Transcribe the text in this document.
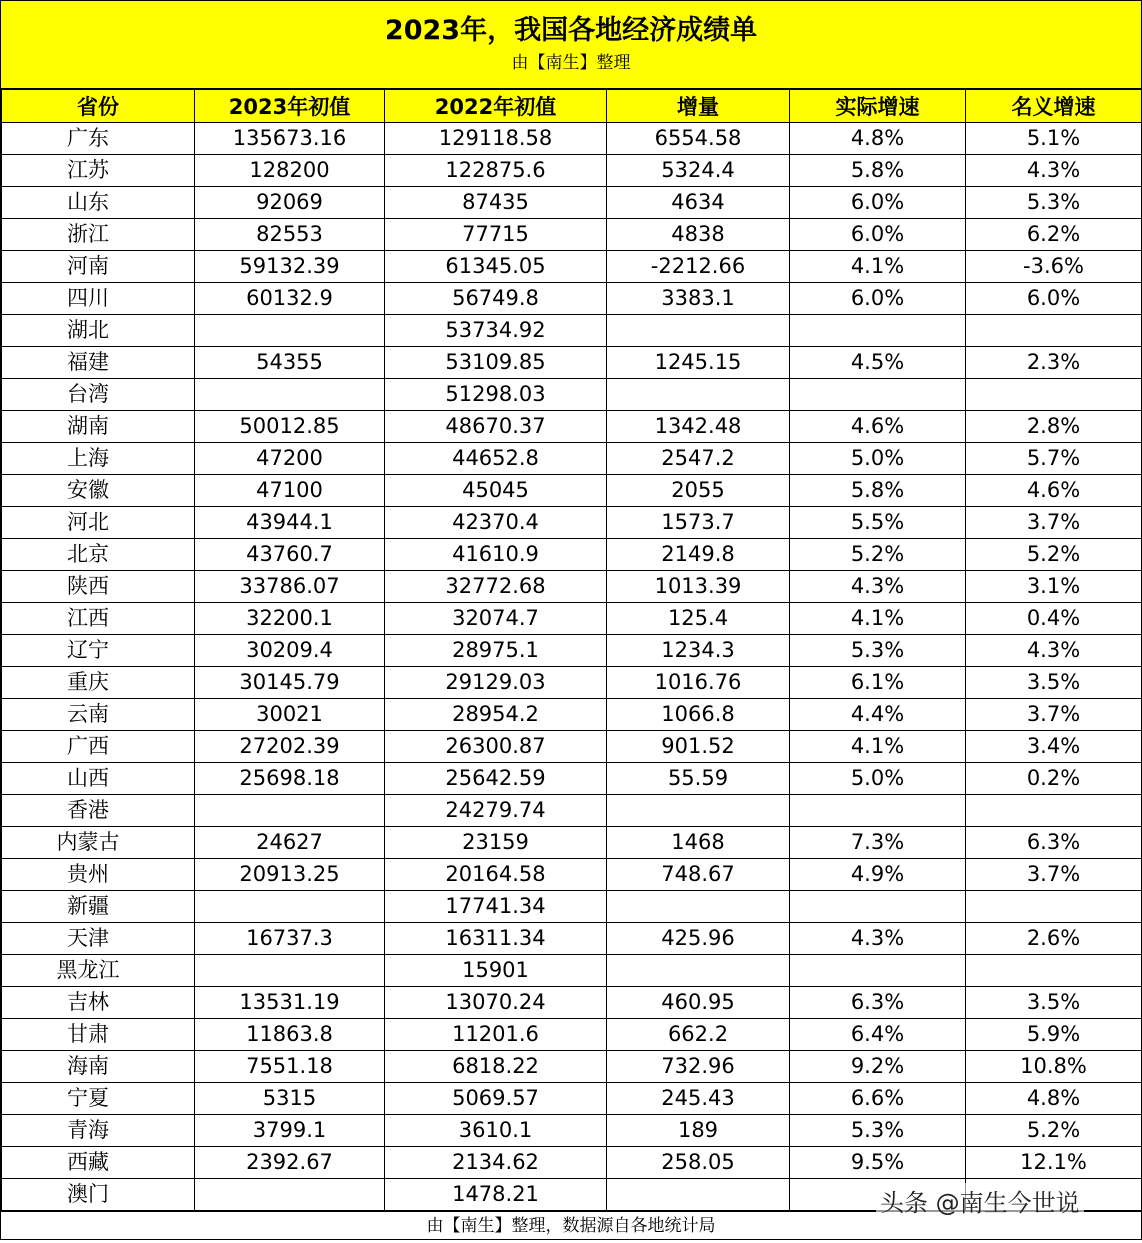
2023年，我国各地经济成绩单
由【南生】整理
省份	2023年初值	2022年初值	增量	实际增速	名义增速
广东	135673.16	129118.58	6554.58	4.8%	5.1%
江苏	128200	122875.6	5324.4	5.8%	4.3%
山东	92069	87435	4634	6.0%	5.3%
浙江	82553	77715	4838	6.0%	6.2%
河南	59132.39	61345.05	-2212.66	4.1%	-3.6%
四川	60132.9	56749.8	3383.1	6.0%	6.0%
湖北		53734.92			
福建	54355	53109.85	1245.15	4.5%	2.3%
台湾		51298.03			
湖南	50012.85	48670.37	1342.48	4.6%	2.8%
上海	47200	44652.8	2547.2	5.0%	5.7%
安徽	47100	45045	2055	5.8%	4.6%
河北	43944.1	42370.4	1573.7	5.5%	3.7%
北京	43760.7	41610.9	2149.8	5.2%	5.2%
陕西	33786.07	32772.68	1013.39	4.3%	3.1%
江西	32200.1	32074.7	125.4	4.1%	0.4%
辽宁	30209.4	28975.1	1234.3	5.3%	4.3%
重庆	30145.79	29129.03	1016.76	6.1%	3.5%
云南	30021	28954.2	1066.8	4.4%	3.7%
广西	27202.39	26300.87	901.52	4.1%	3.4%
山西	25698.18	25642.59	55.59	5.0%	0.2%
香港		24279.74			
内蒙古	24627	23159	1468	7.3%	6.3%
贵州	20913.25	20164.58	748.67	4.9%	3.7%
新疆		17741.34			
天津	16737.3	16311.34	425.96	4.3%	2.6%
黑龙江		15901			
吉林	13531.19	13070.24	460.95	6.3%	3.5%
甘肃	11863.8	11201.6	662.2	6.4%	5.9%
海南	7551.18	6818.22	732.96	9.2%	10.8%
宁夏	5315	5069.57	245.43	6.6%	4.8%
青海	3799.1	3610.1	189	5.3%	5.2%
西藏	2392.67	2134.62	258.05	9.5%	12.1%
澳门		1478.21			
由【南生】整理，数据源自各地统计局
头条 @南生今世说
